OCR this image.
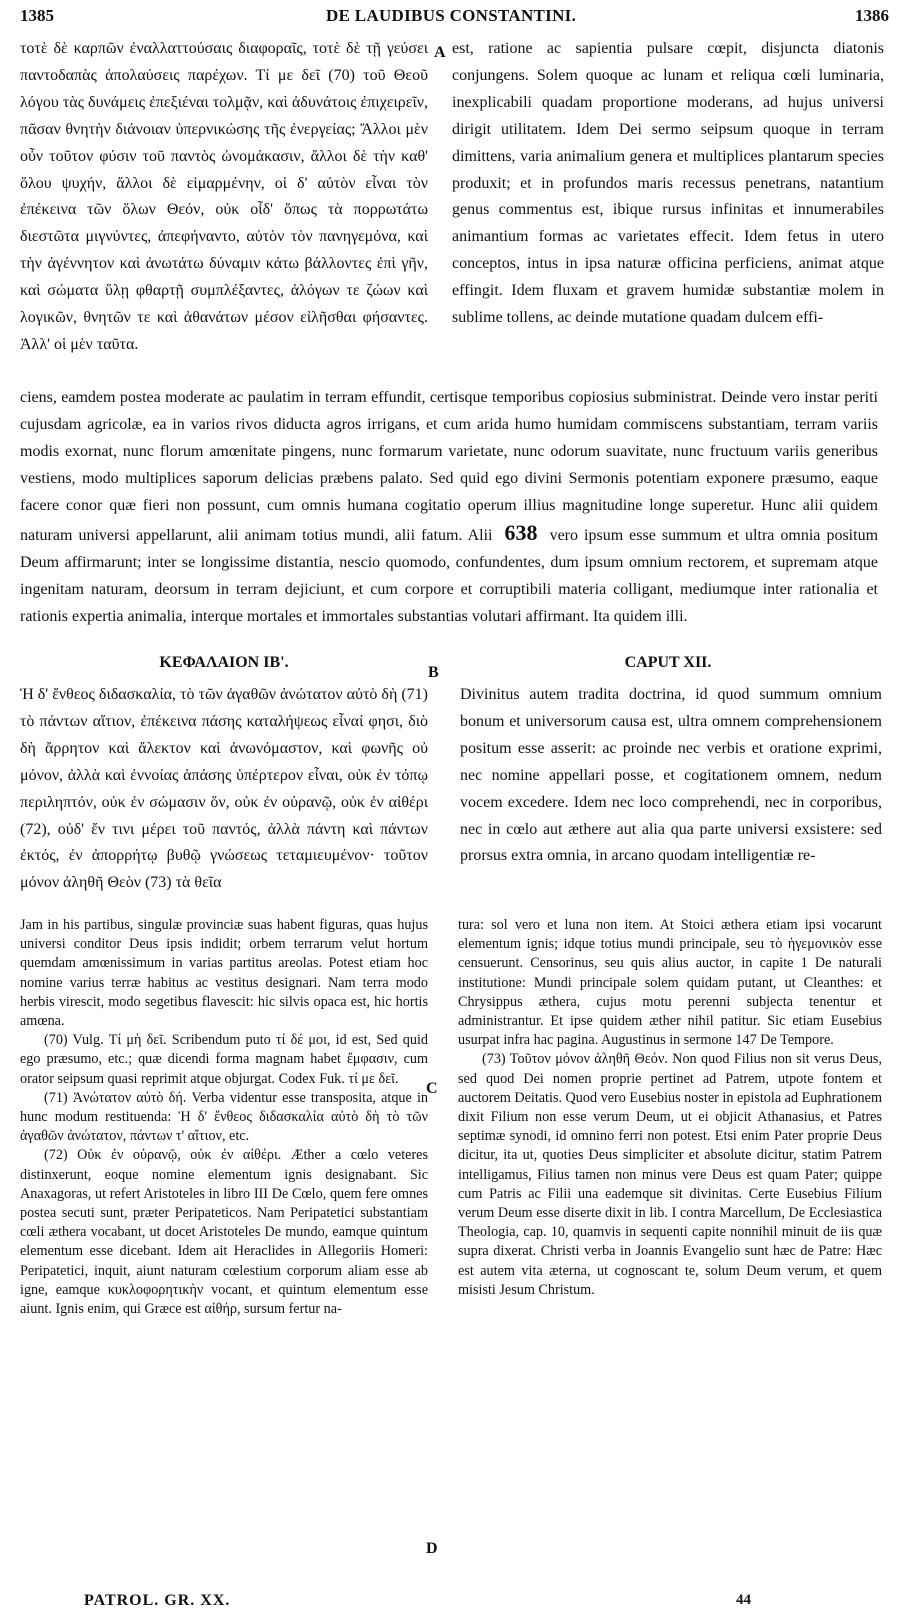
1385	DE LAUDIBUS CONSTANTINI.	1386
τοτὲ δὲ καρπῶν ἐναλλαττούσαις διαφοραῖς, τοτὲ δὲ τῇ γεύσει παντοδαπὰς ἀπολαύσεις παρέχων. Τί με δεῖ (70) τοῦ Θεοῦ λόγου τὰς δυνάμεις ἐπεξιέναι τολμᾷν, καὶ ἀδυνάτοις ἐπιχειρεῖν, πᾶσαν θνητὴν διάνοιαν ὑπερνικώσης τῆς ἐνεργείας; Ἄλλοι μὲν οὖν τοῦτον φύσιν τοῦ παντὸς ὠνομάκασιν, ἄλλοι δὲ τὴν καθ' ὅλου ψυχήν, ἄλλοι δὲ εἱμαρμένην, οἱ δ' αὐτὸν εἶναι τὸν ἐπέκεινα τῶν ὅλων Θεόν, οὐκ οἶδ' ὅπως τὰ πορρωτάτω διεστῶτα μιγνύντες, ἀπεφήναντο, αὐτὸν τὸν πανηγεμόνα, καὶ τὴν ἀγέννητον καὶ ἀνωτάτω δύναμιν κάτω βάλλοντες ἐπὶ γῆν, καὶ σώματα ὕλῃ φθαρτῇ συμπλέξαντες, ἀλόγων τε ζώων καὶ λογικῶν, θνητῶν τε καὶ ἀθανάτων μέσον εἰλῆσθαι φήσαντες. Ἀλλ' οἱ μὲν ταῦτα.
A est, ratione ac sapientia pulsare cœpit, disjuncta diatonis conjungens. Solem quoque ac lunam et reliqua cœli luminaria, inexplicabili quadam proportione moderans, ad hujus universi dirigit utilitatem. Idem Dei sermo seipsum quoque in terram dimittens, varia animalium genera et multiplices plantarum species produxit; et in profundos maris recessus penetrans, natantium genus commentus est, ibique rursus infinitas et innumerabiles animantium formas ac varietates effecit. Idem fetus in utero conceptos, intus in ipsa naturæ officina perficiens, animat atque effingit. Idem fluxam et gravem humidæ substantiæ molem in sublime tollens, ac deinde mutatione quadam dulcem effi-
ciens, eamdem postea moderate ac paulatim in terram effundit, certisque temporibus copiosius subministrat. Deinde vero instar periti cujusdam agricolæ, ea in varios rivos diducta agros irrigans, et cum arida humo humidam commiscens substantiam, terram variis modis exornat, nunc florum amœnitate pingens, nunc formarum varietate, nunc odorum suavitate, nunc fructuum variis generibus vestiens, modo multiplices saporum delicias præbens palato. Sed quid ego divini Sermonis potentiam exponere præsumo, eaque facere conor quæ fieri non possunt, cum omnis humana cogitatio operum illius magnitudine longe superetur. Hunc alii quidem naturam universi appellarunt, alii animam totius mundi, alii fatum. Alii 638 vero ipsum esse summum et ultra omnia positum Deum affirmarunt; inter se longissime distantia, nescio quomodo, confundentes, dum ipsum omnium rectorem, et supremam atque ingenitam naturam, deorsum in terram dejiciunt, et cum corpore et corruptibili materia colligant, mediumque inter rationalia et rationis expertia animalia, interque mortales et immortales substantias volutari affirmant. Ita quidem illi.
ΚΕΦΑΛΑΙΟΝ ΙΒ'.
B
CAPUT XII.
Ἡ δ' ἔνθεος διδασκαλία, τὸ τῶν ἀγαθῶν ἀνώτατον αὐτὸ δὴ (71) τὸ πάντων αἴτιον, ἐπέκεινα πάσης καταλήψεως εἶναί φησι, διὸ δὴ ἄρρητον καὶ ἄλεκτον καὶ ἀνωνόμαστον, καὶ φωνῆς οὐ μόνον, ἀλλὰ καὶ ἐννοίας ἁπάσης ὑπέρτερον εἶναι, οὐκ ἐν τόπῳ περιληπτόν, οὐκ ἐν σώμασιν ὄν, οὐκ ἐν οὐρανῷ, οὐκ ἐν αἰθέρι (72), οὐδ' ἔν τινι μέρει τοῦ παντός, ἀλλὰ πάντη καὶ πάντων ἐκτός, ἐν ἀπορρήτῳ βυθῷ γνώσεως τεταμιευμένον· τοῦτον μόνον ἀληθῆ Θεὸν (73) τὰ θεῖα
Divinitus autem tradita doctrina, id quod summum omnium bonum et universorum causa est, ultra omnem comprehensionem positum esse asserit: ac proinde nec verbis et oratione exprimi, nec nomine appellari posse, et cogitationem omnem, nedum vocem excedere. Idem nec loco comprehendi, nec in corporibus, nec in cœlo aut æthere aut alia qua parte universi exsistere: sed prorsus extra omnia, in arcano quodam intelligentiæ re-

Jam in his partibus, singulæ provinciæ suas habent figuras, quas hujus universi conditor Deus ipsis indidit; orbem terrarum velut hortum quemdam amœnissimum in varias partitus areolas. Potest etiam hoc nomine varius terræ habitus ac vestitus designari. Nam terra modo herbis virescit, modo segetibus flavescit: hic silvis opaca est, hic hortis amœna.

(70) Vulg. Τί μὴ δεῖ. Scribendum puto τί δέ μοι, id est, Sed quid ego præsumo, etc.; quæ dicendi forma magnam habet ἔμφασιν, cum orator seipsum quasi reprimit atque objurgat. Codex Fuk. τί με δεῖ.

(71) Ἀνώτατον αὐτὸ δή. Verba videntur esse transposita, atque in hunc modum restituenda: Ἡ δ' ἔνθεος διδασκαλία αὐτὸ δὴ τὸ τῶν ἀγαθῶν ἀνώτατον, πάντων τ' αἴτιον, etc.

(72) Οὐκ ἐν οὐρανῷ, οὐκ ἐν αἰθέρι. Æther a cœlo veteres distinxerunt, eoque nomine elementum ignis designabant. Sic Anaxagoras, ut refert Aristoteles in libro III De Cœlo, quem fere omnes postea secuti sunt, præter Peripateticos. Nam Peripatetici substantiam cœli æthera vocabant, ut docet Aristoteles De mundo, eamque quintum elementum esse dicebant. Idem ait Heraclides in Allegoriis Homeri: Peripatetici, inquit, aiunt naturam cœlestium corporum aliam esse ab igne, eamque κυκλοφορητικὴν vocant, et quintum elementum esse aiunt. Ignis enim, qui Græce est αἰθήρ, sursum fertur na-

C
D

tura: sol vero et luna non item. At Stoici æthera etiam ipsi vocarunt elementum ignis; idque totius mundi principale, seu τὸ ἡγεμονικὸν esse censuerunt. Censorinus, seu quis alius auctor, in capite 1 De naturali institutione: Mundi principale solem quidam putant, ut Cleanthes: et Chrysippus æthera, cujus motu perenni subjecta tenentur et administrantur. Et ipse quidem æther nihil patitur. Sic etiam Eusebius usurpat infra hac pagina. Augustinus in sermone 147 De Tempore.

(73) Τοῦτον μόνον ἀληθῆ Θεόν. Non quod Filius non sit verus Deus, sed quod Dei nomen proprie pertinet ad Patrem, utpote fontem et auctorem Deitatis. Quod vero Eusebius noster in epistola ad Euphrationem dixit Filium non esse verum Deum, ut ei objicit Athanasius, et Patres septimæ synodi, id omnino ferri non potest. Etsi enim Pater proprie Deus dicitur, ita ut, quoties Deus simpliciter et absolute dicitur, statim Patrem intelligamus, Filius tamen non minus vere Deus est quam Pater; quippe cum Patris ac Filii una eademque sit divinitas. Certe Eusebius Filium verum Deum esse diserte dixit in lib. I contra Marcellum, De Ecclesiastica Theologia, cap. 10, quamvis in sequenti capite nonnihil minuit de iis quæ supra dixerat. Christi verba in Joannis Evangelio sunt hæc de Patre: Hæc est autem vita æterna, ut cognoscant te, solum Deum verum, et quem misisti Jesum Christum.

PATROL. GR. XX.	44
